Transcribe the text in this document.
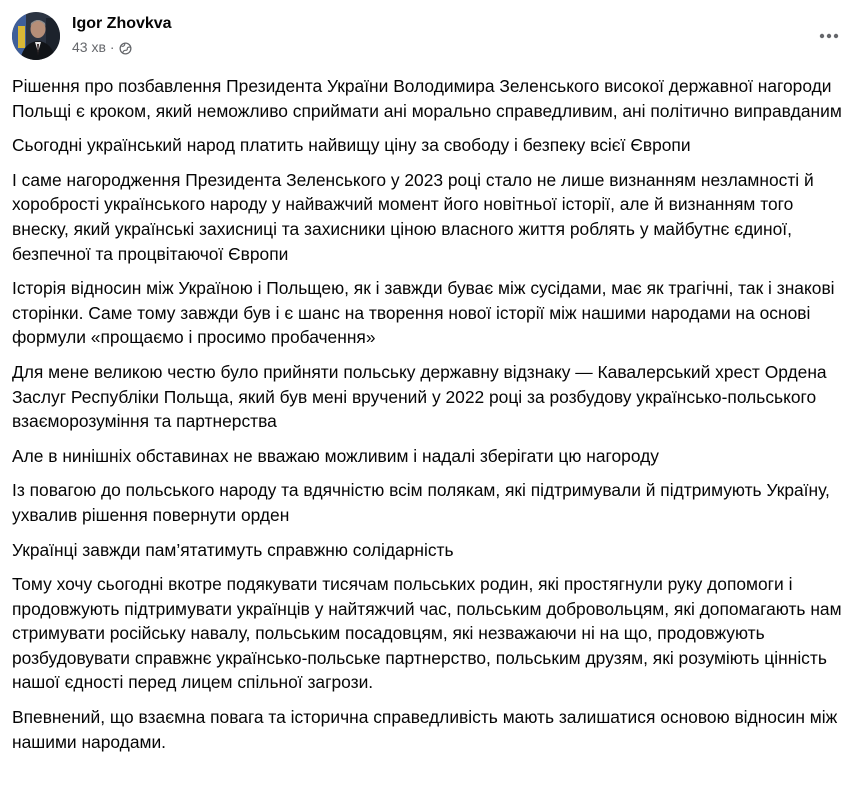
Igor Zhovkva
43 хв ·

Рішення про позбавлення Президента України Володимира Зеленського високої державної нагороди Польщі є кроком, який неможливо сприймати ані морально справедливим, ані політично виправданим

Сьогодні український народ платить найвищу ціну за свободу і безпеку всієї Європи

І саме нагородження Президента Зеленського у 2023 році стало не лише визнанням незламності й хоробрості українського народу у найважчий момент його новітньої історії, але й визнанням того внеску, який українські захисниці та захисники ціною власного життя роблять у майбутнє єдиної, безпечної та процвітаючої Європи

Історія відносин між Україною і Польщею, як і завжди буває між сусідами, має як трагічні, так і знакові сторінки. Саме тому завжди був і є шанс на творення нової історії між нашими народами на основі формули «прощаємо і просимо пробачення»

Для мене великою честю було прийняти польську державну відзнаку — Кавалерський хрест Ордена Заслуг Республіки Польща, який був мені вручений у 2022 році за розбудову українсько-польського взаєморозуміння та партнерства

Але в нинішніх обставинах не вважаю можливим і надалі зберігати цю нагороду

Із повагою до польського народу та вдячністю всім полякам, які підтримували й підтримують Україну, ухвалив рішення повернути орден

Українці завжди пам’ятатимуть справжню солідарність

Тому хочу сьогодні вкотре подякувати тисячам польських родин, які простягнули руку допомоги і продовжують підтримувати українців у найтяжчий час, польським добровольцям, які допомагають нам стримувати російську навалу, польським посадовцям, які незважаючи ні на що, продовжують розбудовувати справжнє українсько-польське партнерство, польським друзям, які розуміють цінність нашої єдності перед лицем спільної загрози.

Впевнений, що взаємна повага та історична справедливість мають залишатися основою відносин між нашими народами.
